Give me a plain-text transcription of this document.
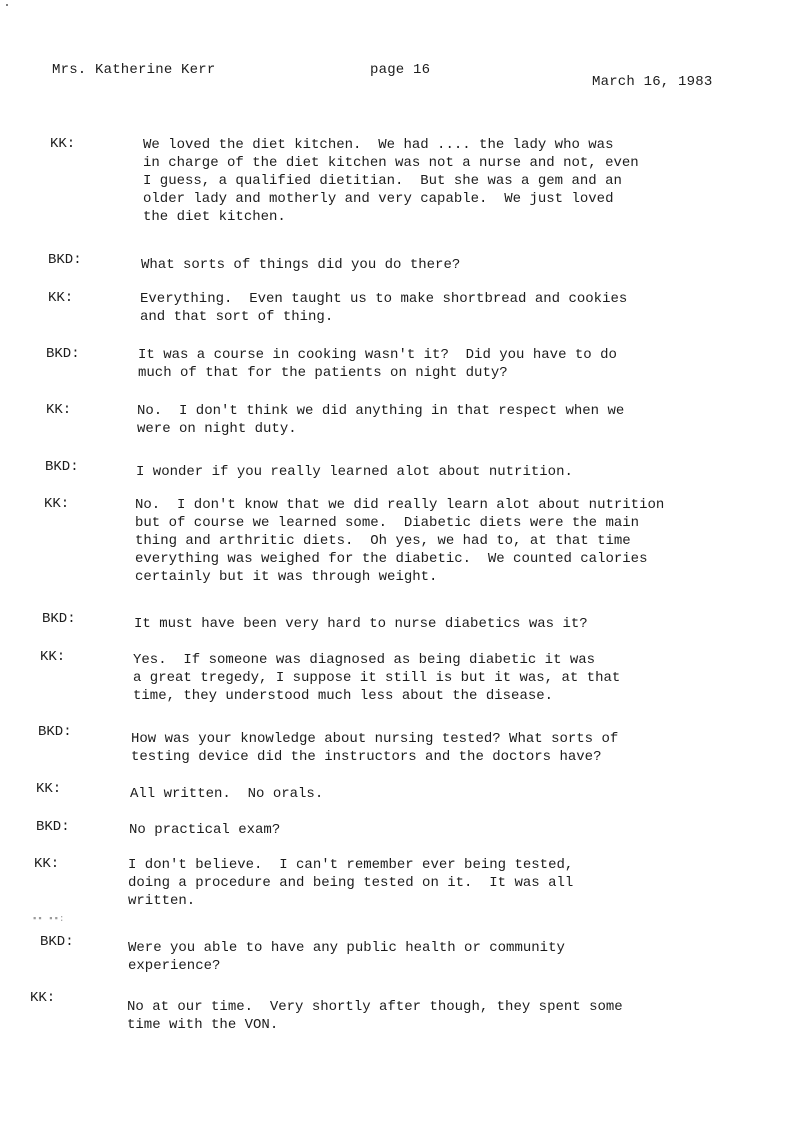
Mrs. Katherine Kerr	page 16
March 16, 1983
KK:	We loved the diet kitchen.  We had .... the lady who was
in charge of the diet kitchen was not a nurse and not, even
I guess, a qualified dietitian.  But she was a gem and an
older lady and motherly and very capable.  We just loved
the diet kitchen.
BKD:	What sorts of things did you do there?
KK:	Everything.  Even taught us to make shortbread and cookies
and that sort of thing.
BKD:	It was a course in cooking wasn't it?  Did you have to do
much of that for the patients on night duty?
KK:	No.  I don't think we did anything in that respect when we
were on night duty.
BKD:	I wonder if you really learned alot about nutrition.
KK:	No.  I don't know that we did really learn alot about nutrition
but of course we learned some.  Diabetic diets were the main
thing and arthritic diets.  Oh yes, we had to, at that time
everything was weighed for the diabetic.  We counted calories
certainly but it was through weight.
BKD:	It must have been very hard to nurse diabetics was it?
KK:	Yes.  If someone was diagnosed as being diabetic it was
a great tregedy, I suppose it still is but it was, at that
time, they understood much less about the disease.
BKD:	How was your knowledge about nursing tested? What sorts of
testing device did the instructors and the doctors have?
KK:	All written.  No orals.
BKD:	No practical exam?
KK:	I don't believe.  I can't remember ever being tested,
doing a procedure and being tested on it.  It was all
written.
▪▪ ▪▪:
BKD:	Were you able to have any public health or community
experience?
KK:
No at our time.  Very shortly after though, they spent some
time with the VON.
